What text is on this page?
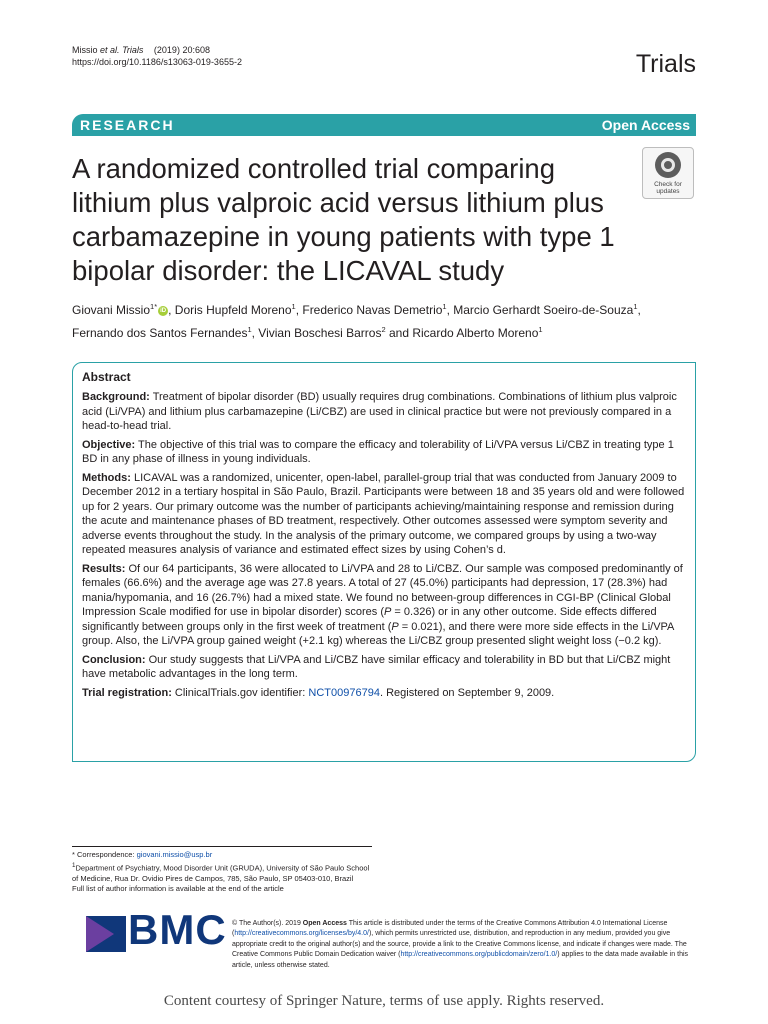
Missio et al. Trials (2019) 20:608
https://doi.org/10.1186/s13063-019-3655-2	Trials
RESEARCH	Open Access
A randomized controlled trial comparing lithium plus valproic acid versus lithium plus carbamazepine in young patients with type 1 bipolar disorder: the LICAVAL study
Check for
updates
Giovani Missio$^{1*}$ iD , Doris Hupfeld Moreno$^1$, Frederico Navas Demetrio$^1$, Marcio Gerhardt Soeiro-de-Souza$^1$,
Fernando dos Santos Fernandes$^1$, Vivian Boschesi Barros$^2$ and Ricardo Alberto Moreno$^1$
Abstract

Background: Treatment of bipolar disorder (BD) usually requires drug combinations. Combinations of lithium plus valproic acid (Li/VPA) and lithium plus carbamazepine (Li/CBZ) are used in clinical practice but were not previously compared in a head-to-head trial.

Objective: The objective of this trial was to compare the efficacy and tolerability of Li/VPA versus Li/CBZ in treating type 1 BD in any phase of illness in young individuals.

Methods: LICAVAL was a randomized, unicenter, open-label, parallel-group trial that was conducted from January 2009 to December 2012 in a tertiary hospital in São Paulo, Brazil. Participants were between 18 and 35 years old and were followed up for 2 years. Our primary outcome was the number of participants achieving/maintaining response and remission during the acute and maintenance phases of BD treatment, respectively. Other outcomes assessed were symptom severity and adverse events throughout the study. In the analysis of the primary outcome, we compared groups by using a two-way repeated measures analysis of variance and estimated effect sizes by using Cohen’s d.

Results: Of our 64 participants, 36 were allocated to Li/VPA and 28 to Li/CBZ. Our sample was composed predominantly of females (66.6%) and the average age was 27.8 years. A total of 27 (45.0%) participants had depression, 17 (28.3%) had mania/hypomania, and 16 (26.7%) had a mixed state. We found no between-group differences in CGI-BP (Clinical Global Impression Scale modified for use in bipolar disorder) scores (P = 0.326) or in any other outcome. Side effects differed significantly between groups only in the first week of treatment (P = 0.021), and there were more side effects in the Li/VPA group. Also, the Li/VPA group gained weight (+2.1 kg) whereas the Li/CBZ group presented slight weight loss (−0.2 kg).

Conclusion: Our study suggests that Li/VPA and Li/CBZ have similar efficacy and tolerability in BD but that Li/CBZ might have metabolic advantages in the long term.

Trial registration: ClinicalTrials.gov identifier: NCT00976794. Registered on September 9, 2009.

* Correspondence: giovani.missio@usp.br
$^1$Department of Psychiatry, Mood Disorder Unit (GRUDA), University of São Paulo School of Medicine, Rua Dr. Ovidio Pires de Campos, 785, São Paulo, SP 05403-010, Brazil
Full list of author information is available at the end of the article
BMC © The Author(s). 2019 Open Access This article is distributed under the terms of the Creative Commons Attribution 4.0 International License (http://creativecommons.org/licenses/by/4.0/), which permits unrestricted use, distribution, and reproduction in any medium, provided you give appropriate credit to the original author(s) and the source, provide a link to the Creative Commons license, and indicate if changes were made. The Creative Commons Public Domain Dedication waiver (http://creativecommons.org/publicdomain/zero/1.0/) applies to the data made available in this article, unless otherwise stated.
Content courtesy of Springer Nature, terms of use apply. Rights reserved.
